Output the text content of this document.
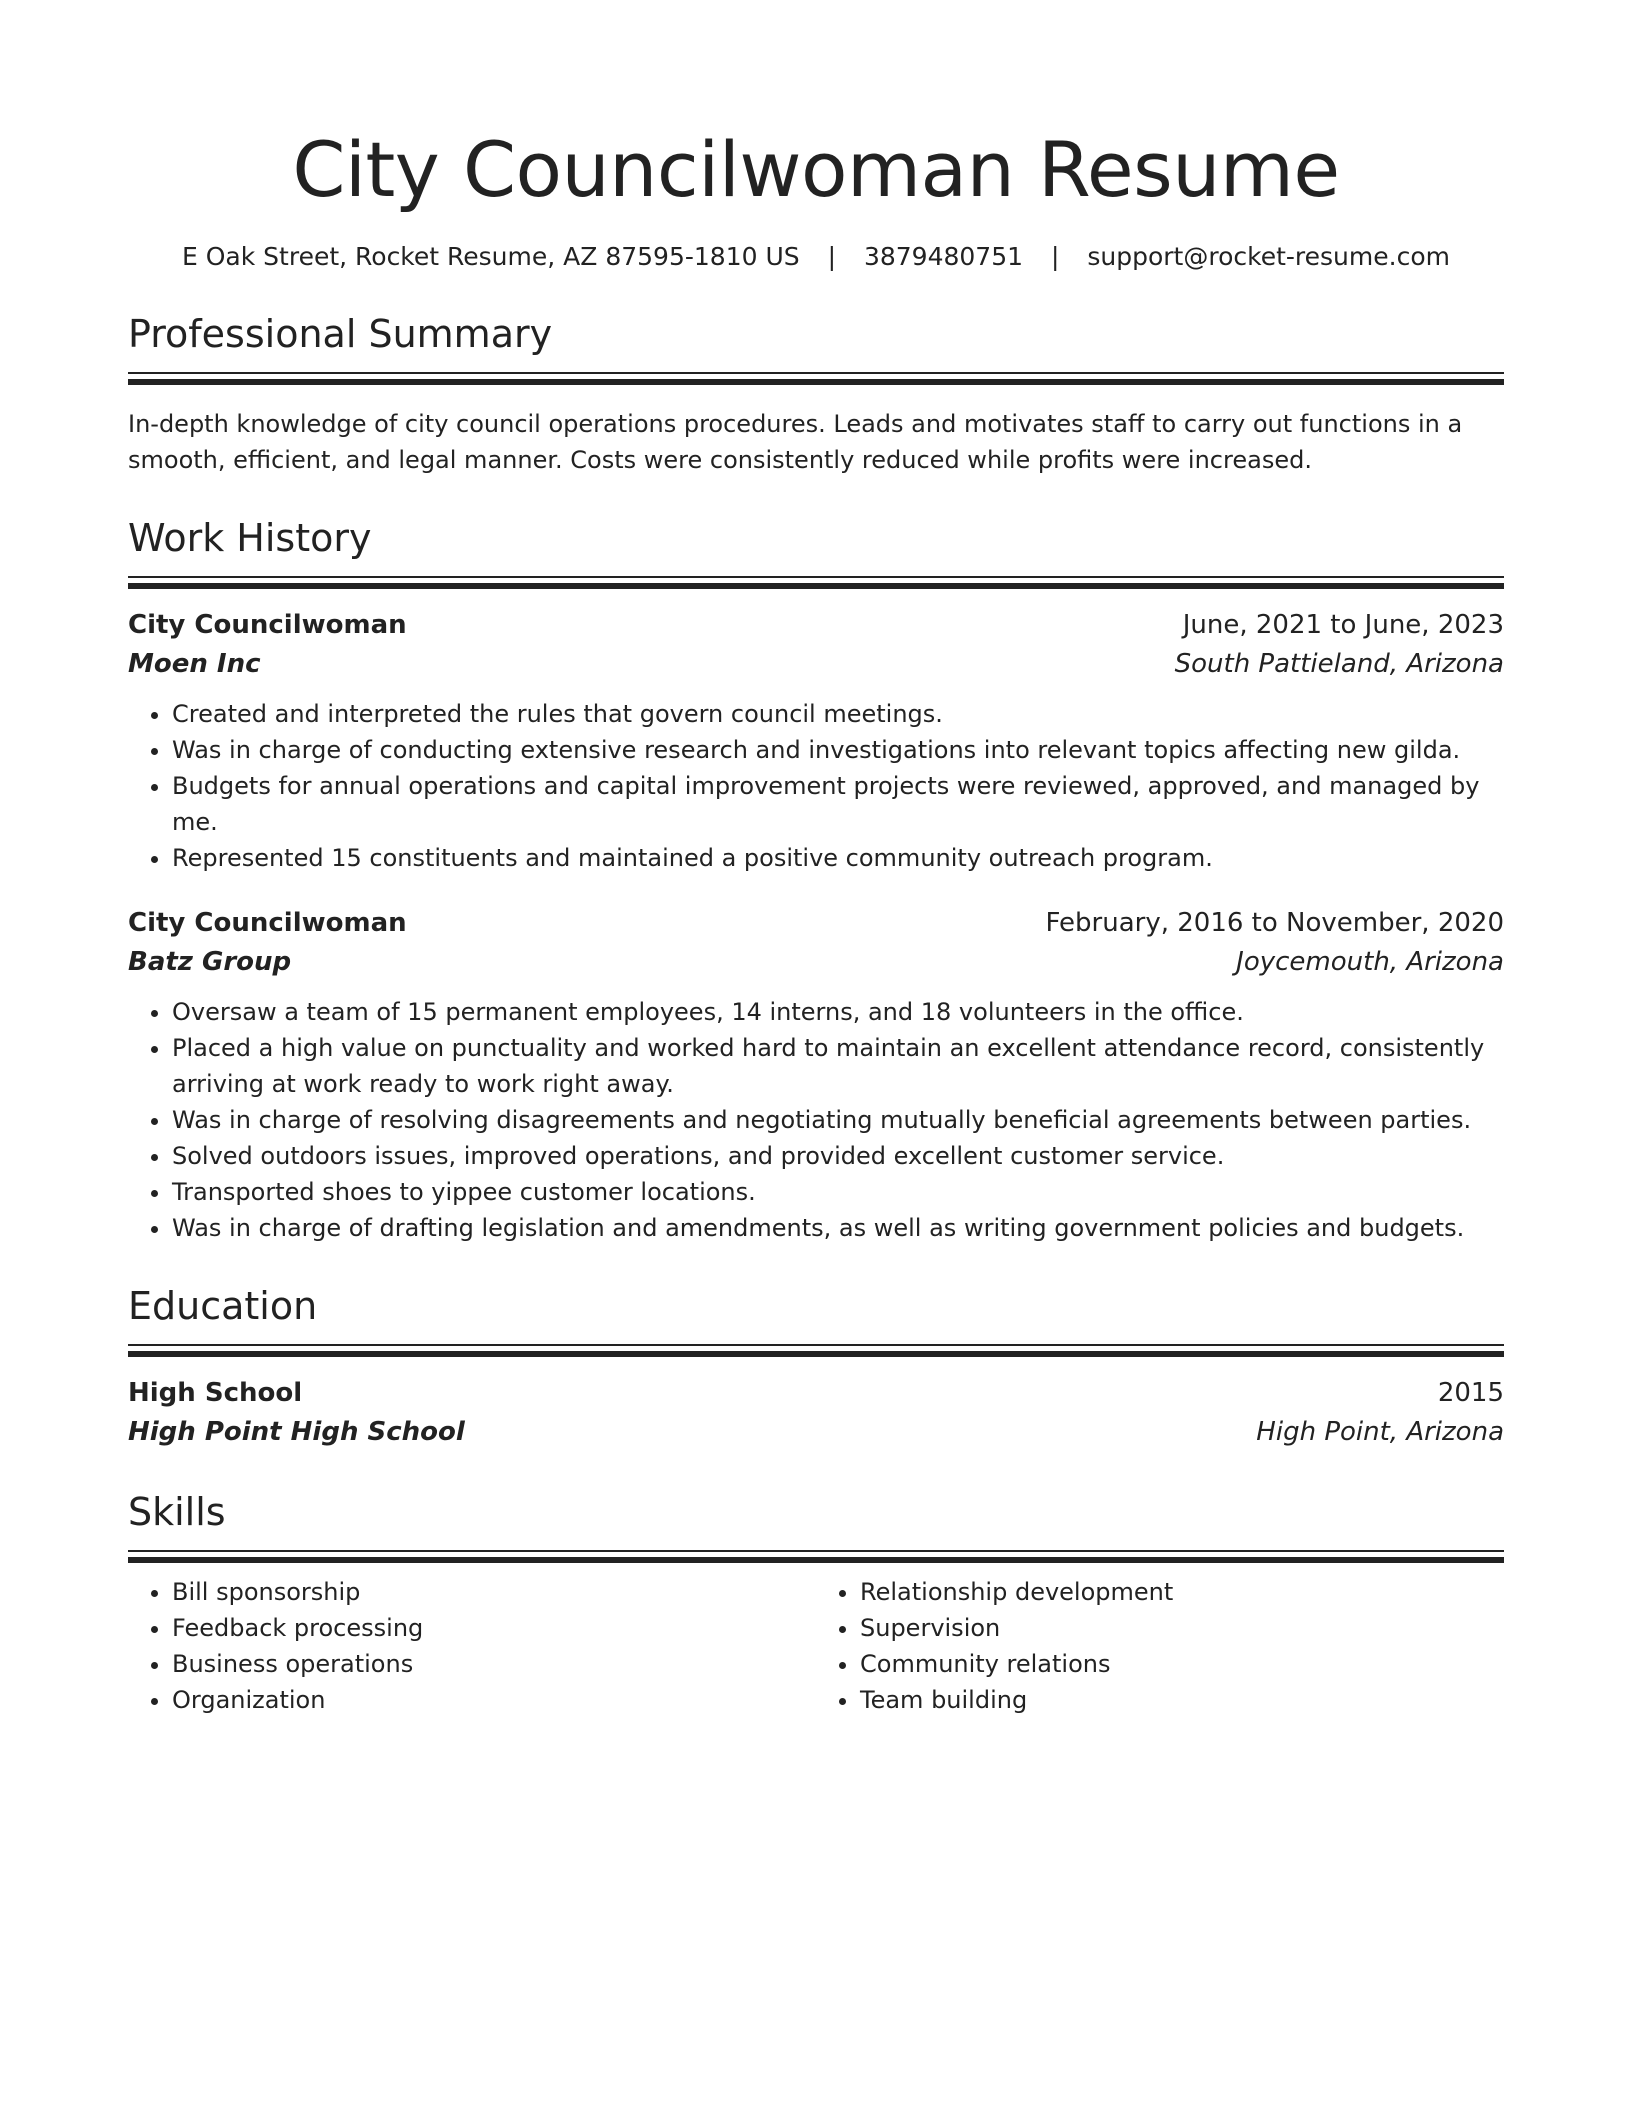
City Councilwoman Resume
E Oak Street, Rocket Resume, AZ 87595-1810 US | 3879480751 | support@rocket-resume.com
Professional Summary

In-depth knowledge of city council operations procedures. Leads and motivates staff to carry out functions in a smooth, efficient, and legal manner. Costs were consistently reduced while profits were increased.

Work History
City Councilwoman	June, 2021 to June, 2023
Moen Inc	South Pattieland, Arizona
• Created and interpreted the rules that govern council meetings.
• Was in charge of conducting extensive research and investigations into relevant topics affecting new gilda.
• Budgets for annual operations and capital improvement projects were reviewed, approved, and managed by me.
• Represented 15 constituents and maintained a positive community outreach program.
City Councilwoman	February, 2016 to November, 2020
Batz Group	Joycemouth, Arizona
• Oversaw a team of 15 permanent employees, 14 interns, and 18 volunteers in the office.
• Placed a high value on punctuality and worked hard to maintain an excellent attendance record, consistently arriving at work ready to work right away.
• Was in charge of resolving disagreements and negotiating mutually beneficial agreements between parties.
• Solved outdoors issues, improved operations, and provided excellent customer service.
• Transported shoes to yippee customer locations.
• Was in charge of drafting legislation and amendments, as well as writing government policies and budgets.
Education
High School	2015
High Point High School	High Point, Arizona
Skills
• Bill sponsorship
• Feedback processing
• Business operations
• Organization
• Relationship development
• Supervision
• Community relations
• Team building
